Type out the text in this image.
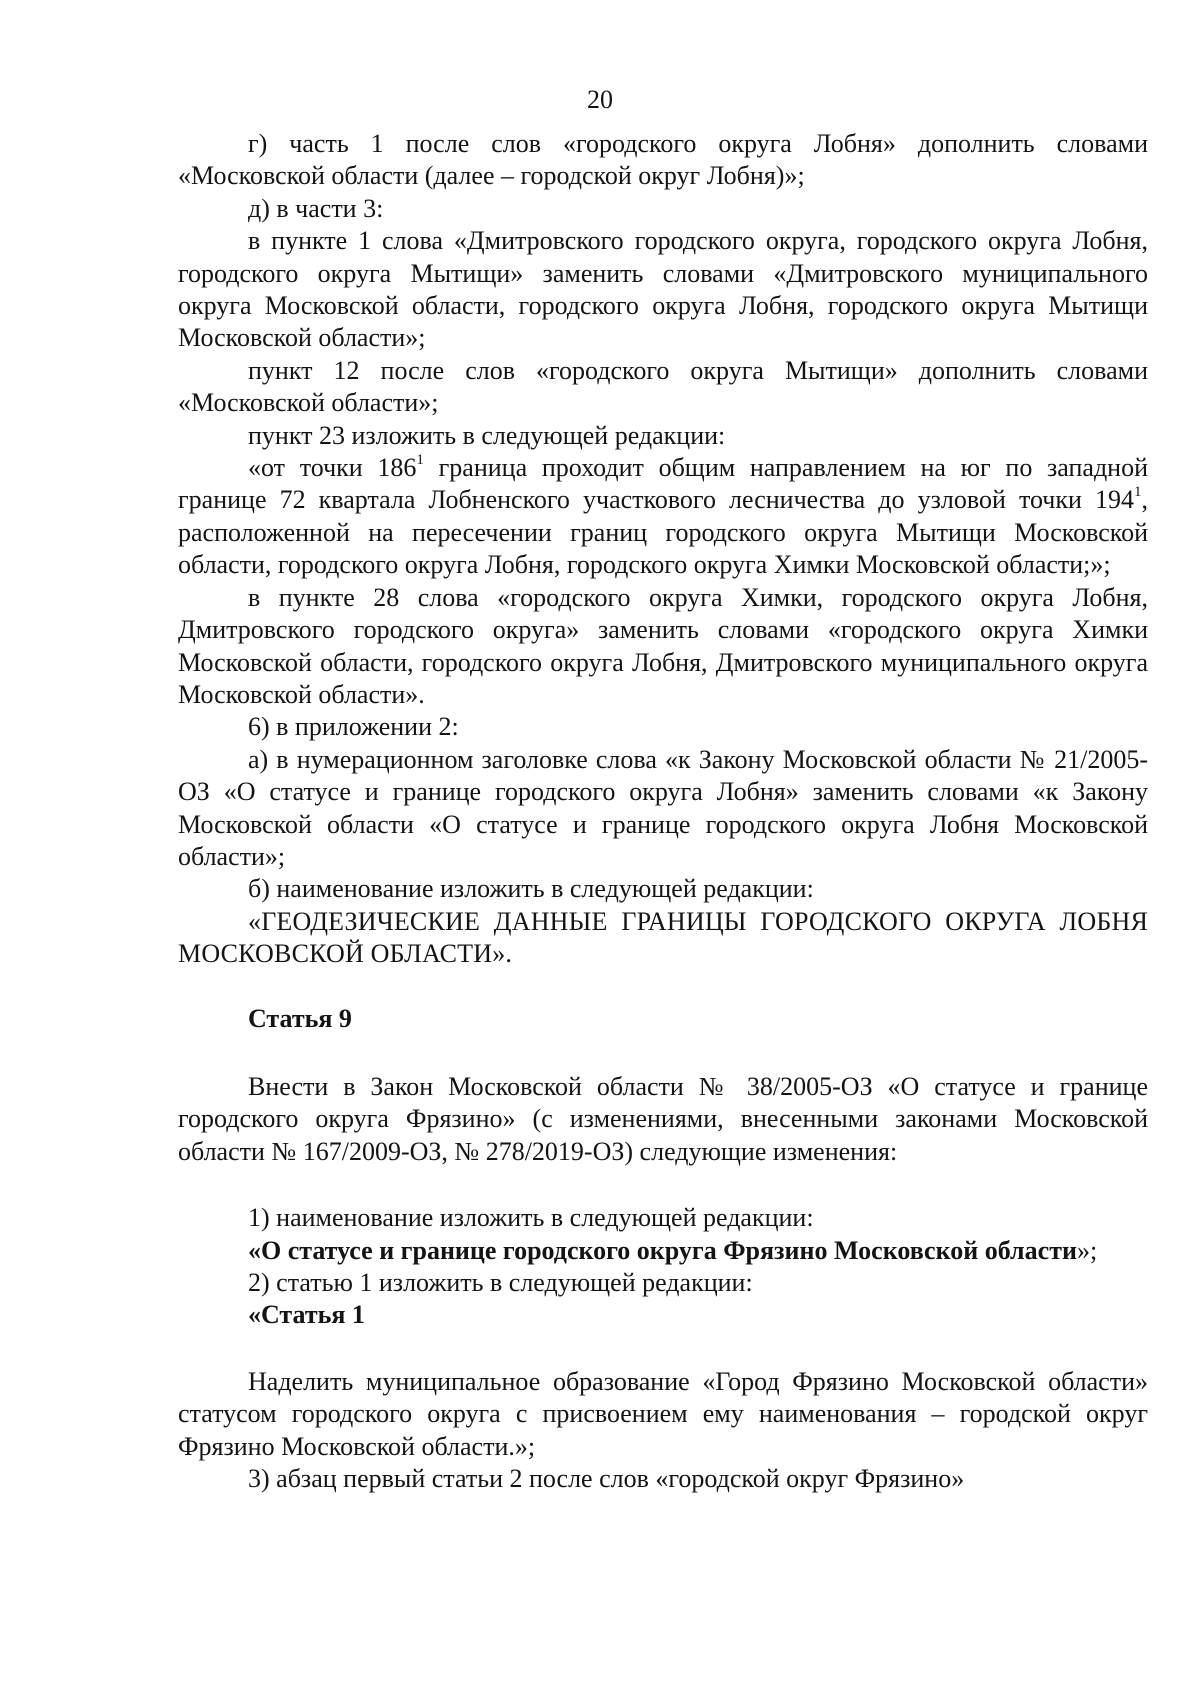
20

г) часть 1 после слов «городского округа Лобня» дополнить словами «Московской области (далее – городской округ Лобня)»;

д) в части 3:

в пункте 1 слова «Дмитровского городского округа, городского округа Лобня, городского округа Мытищи» заменить словами «Дмитровского муниципального округа Московской области, городского округа Лобня, городского округа Мытищи Московской области»;

пункт 12 после слов «городского округа Мытищи» дополнить словами «Московской области»;

пункт 23 изложить в следующей редакции:

«от точки $186^1$ граница проходит общим направлением на юг по западной границе 72 квартала Лобненского участкового лесничества до узловой точки $194^1$, расположенной на пересечении границ городского округа Мытищи Московской области, городского округа Лобня, городского округа Химки Московской области;»;

в пункте 28 слова «городского округа Химки, городского округа Лобня, Дмитровского городского округа» заменить словами «городского округа Химки Московской области, городского округа Лобня, Дмитровского муниципального округа Московской области».

6) в приложении 2:

а) в нумерационном заголовке слова «к Закону Московской области № 21/2005-ОЗ «О статусе и границе городского округа Лобня» заменить словами «к Закону Московской области «О статусе и границе городского округа Лобня Московской области»;

б) наименование изложить в следующей редакции:

«ГЕОДЕЗИЧЕСКИЕ ДАННЫЕ ГРАНИЦЫ ГОРОДСКОГО ОКРУГА ЛОБНЯ МОСКОВСКОЙ ОБЛАСТИ».

Статья 9

Внести в Закон Московской области № 38/2005-ОЗ «О статусе и границе городского округа Фрязино» (с изменениями, внесенными законами Московской области № 167/2009-ОЗ, № 278/2019-ОЗ) следующие изменения:

1) наименование изложить в следующей редакции:

«О статусе и границе городского округа Фрязино Московской области»;

2) статью 1 изложить в следующей редакции:

«Статья 1

Наделить муниципальное образование «Город Фрязино Московской области» статусом городского округа с присвоением ему наименования – городской округ Фрязино Московской области.»;

3) абзац первый статьи 2 после слов «городской округ Фрязино»
